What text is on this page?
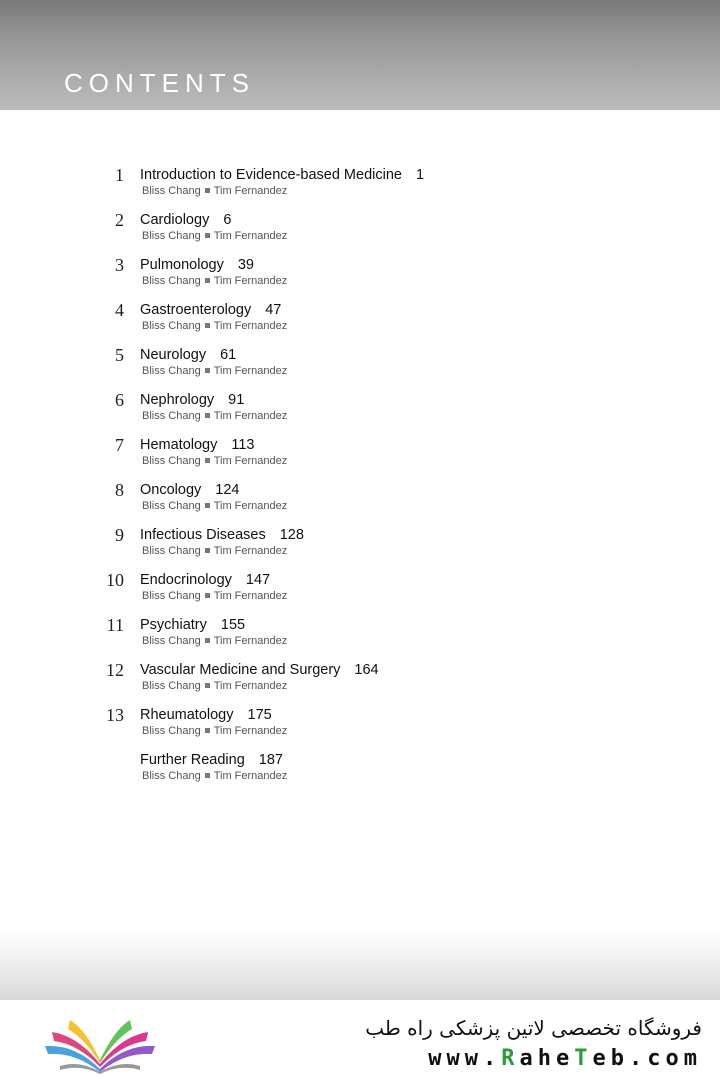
CONTENTS
1 Introduction to Evidence-based Medicine 1
Bliss Chang Tim Fernandez
2 Cardiology 6
Bliss Chang Tim Fernandez
3 Pulmonology 39
Bliss Chang Tim Fernandez
4 Gastroenterology 47
Bliss Chang Tim Fernandez
5 Neurology 61
Bliss Chang Tim Fernandez
6 Nephrology 91
Bliss Chang Tim Fernandez
7 Hematology 113
Bliss Chang Tim Fernandez
8 Oncology 124
Bliss Chang Tim Fernandez
9 Infectious Diseases 128
Bliss Chang Tim Fernandez
10 Endocrinology 147
Bliss Chang Tim Fernandez
11 Psychiatry 155
Bliss Chang Tim Fernandez
12 Vascular Medicine and Surgery 164
Bliss Chang Tim Fernandez
13 Rheumatology 175
Bliss Chang Tim Fernandez
Further Reading 187
Bliss Chang Tim Fernandez
فروشگاه تخصصی لاتین پزشکی راه طب
www.RaheTeb.com
